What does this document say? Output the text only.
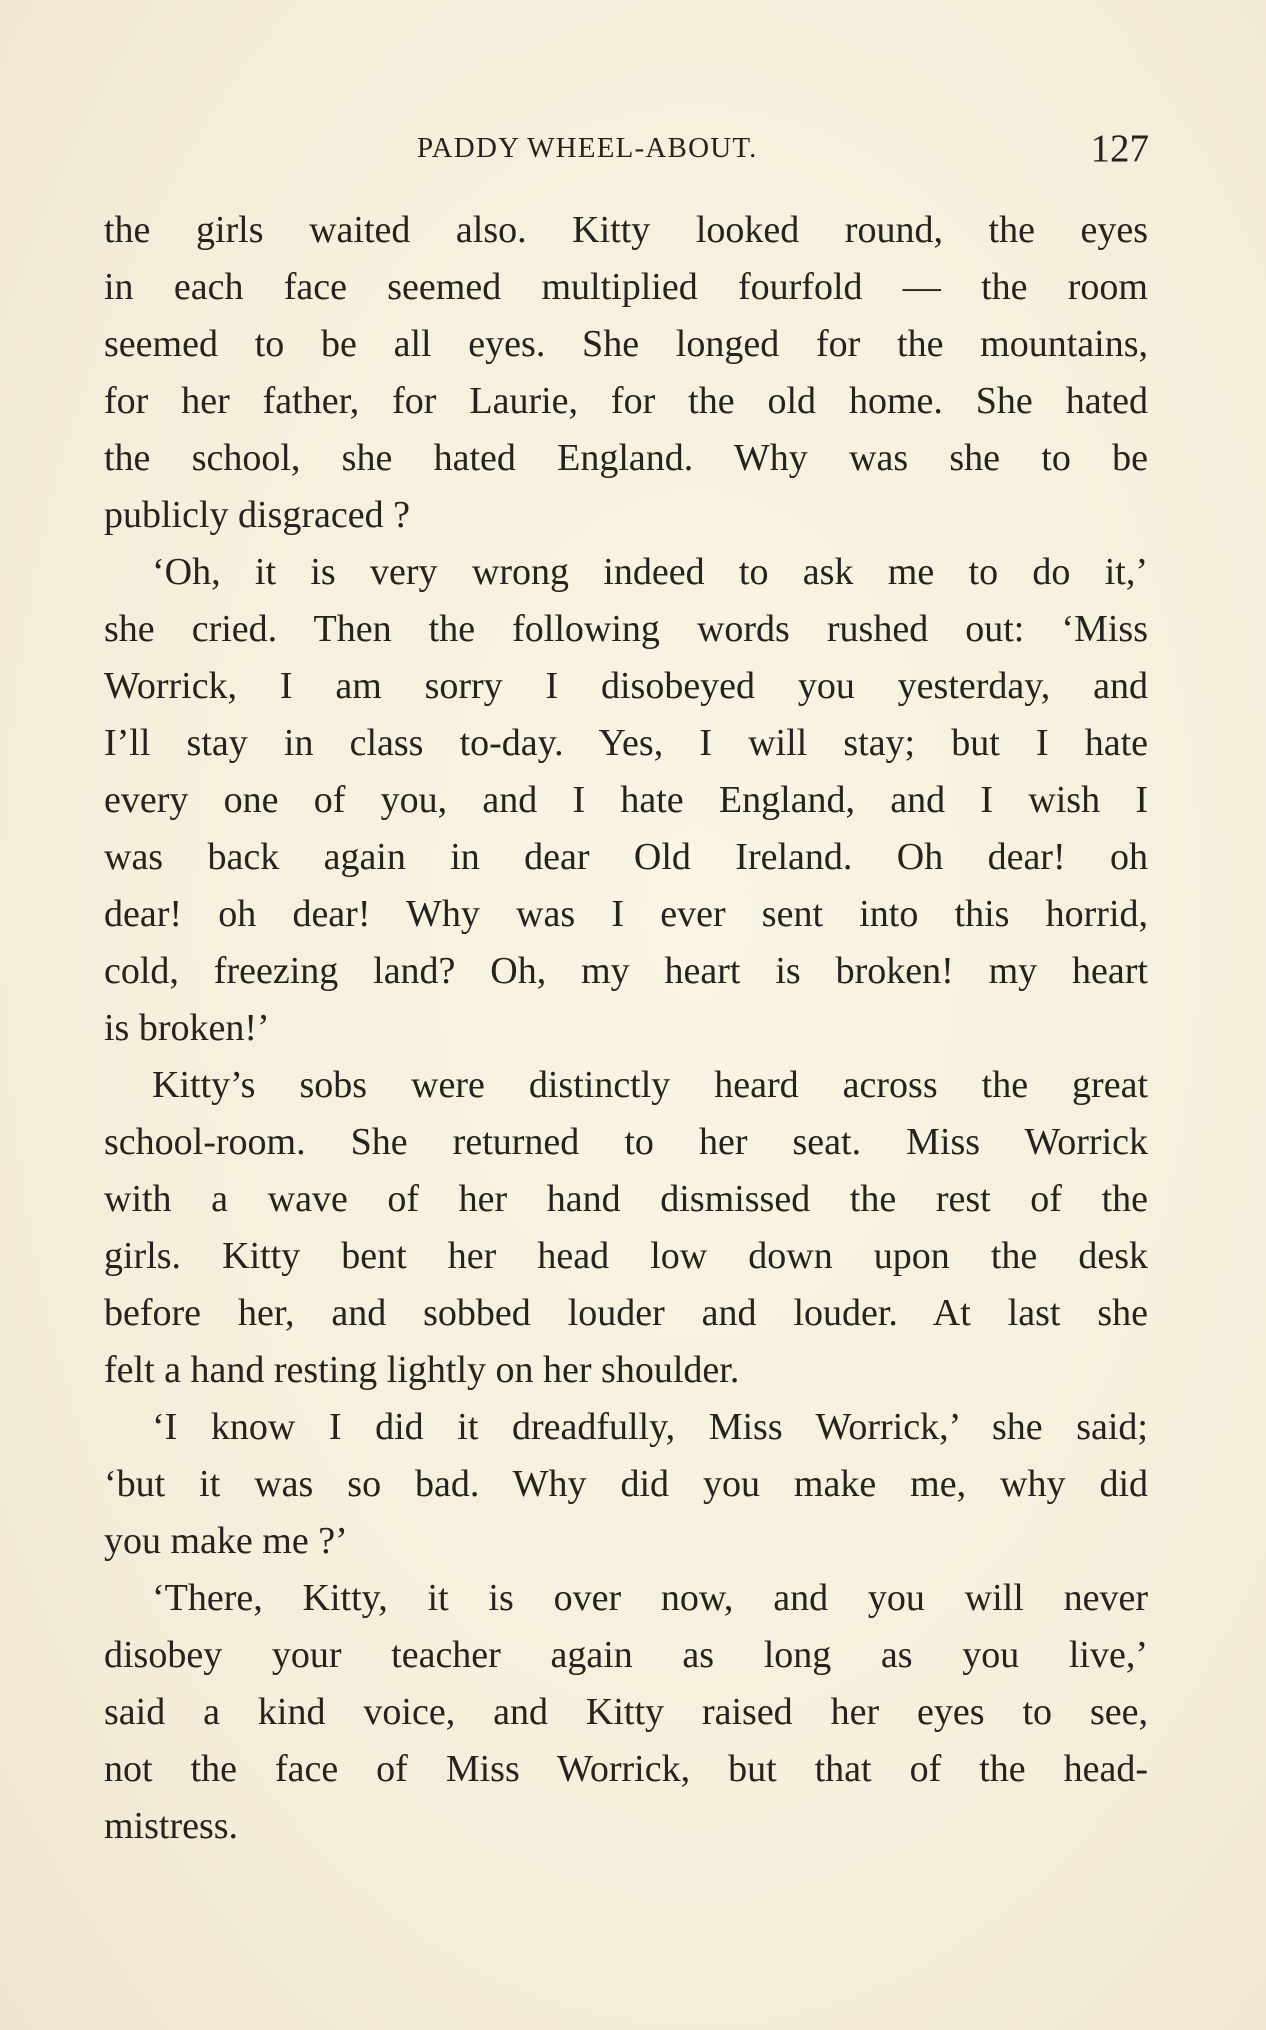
PADDY WHEEL-ABOUT.	127
the girls waited also. Kitty looked round, the eyes
in each face seemed multiplied fourfold — the room
seemed to be all eyes. She longed for the mountains,
for her father, for Laurie, for the old home. She hated
the school, she hated England. Why was she to be
publicly disgraced ?
‘Oh, it is very wrong indeed to ask me to do it,’
she cried. Then the following words rushed out: ‘Miss
Worrick, I am sorry I disobeyed you yesterday, and
I’ll stay in class to-day. Yes, I will stay; but I hate
every one of you, and I hate England, and I wish I
was back again in dear Old Ireland. Oh dear! oh
dear! oh dear! Why was I ever sent into this horrid,
cold, freezing land? Oh, my heart is broken! my heart
is broken!’
Kitty’s sobs were distinctly heard across the great
school-room. She returned to her seat. Miss Worrick
with a wave of her hand dismissed the rest of the
girls. Kitty bent her head low down upon the desk
before her, and sobbed louder and louder. At last she
felt a hand resting lightly on her shoulder.
‘I know I did it dreadfully, Miss Worrick,’ she said;
‘but it was so bad. Why did you make me, why did
you make me ?’
‘There, Kitty, it is over now, and you will never
disobey your teacher again as long as you live,’
said a kind voice, and Kitty raised her eyes to see,
not the face of Miss Worrick, but that of the head-
mistress.
